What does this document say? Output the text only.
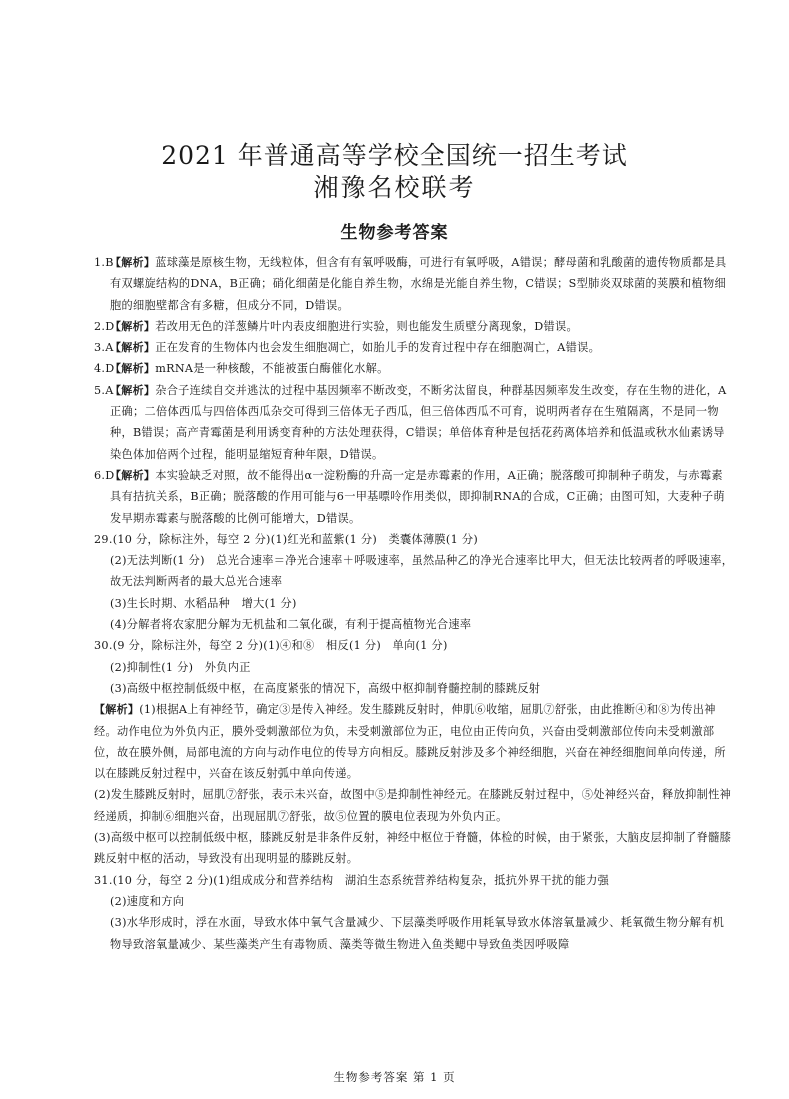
2021 年普通高等学校全国统一招生考试
湘豫名校联考
生物参考答案
1.B
【解析】蓝球藻是原核生物，无线粒体，但含有有氧呼吸酶，可进行有氧呼吸，A错误；酵母菌和乳酸菌的遗传物质都是具有双螺旋结构的DNA，B正确；硝化细菌是化能自养生物，水绵是光能自养生物，C错误；S型肺炎双球菌的荚膜和植物细胞的细胞壁都含有多糖，但成分不同，D错误。
2.D
【解析】若改用无色的洋葱鳞片叶内表皮细胞进行实验，则也能发生质壁分离现象，D错误。
3.A
【解析】正在发育的生物体内也会发生细胞凋亡，如胎儿手的发育过程中存在细胞凋亡，A错误。
4.D
【解析】mRNA是一种核酸，不能被蛋白酶催化水解。
5.A
【解析】杂合子连续自交并逃汰的过程中基因频率不断改变，不断劣汰留良，种群基因频率发生改变，存在生物的进化，A正确；二倍体西瓜与四倍体西瓜杂交可得到三倍体无子西瓜，但三倍体西瓜不可育，说明两者存在生殖隔离，不是同一物种，B错误；高产青霉菌是利用诱变育种的方法处理获得，C错误；单倍体育种是包括花药离体培养和低温或秋水仙素诱导染色体加倍两个过程，能明显缩短育种年限，D错误。
6.D
【解析】本实验缺乏对照，故不能得出α一淀粉酶的升高一定是赤霉素的作用，A正确；脱落酸可抑制种子萌发，与赤霉素具有拮抗关系，B正确；脱落酸的作用可能与6一甲基嘌呤作用类似，即抑制RNA的合成，C正确；由图可知，大麦种子萌发早期赤霉素与脱落酸的比例可能增大，D错误。
29.(10 分，除标注外，每空 2 分)(1)红光和蓝紫(1 分)　类囊体薄膜(1 分)
(2)无法判断(1 分)　总光合速率＝净光合速率＋呼吸速率，虽然品种乙的净光合速率比甲大，但无法比较两者的呼吸速率，故无法判断两者的最大总光合速率
(3)生长时期、水稻品种　增大(1 分)
(4)分解者将农家肥分解为无机盐和二氧化碳，有利于提高植物光合速率
30.(9 分，除标注外，每空 2 分)(1)④和⑧　相反(1 分)　单向(1 分)
(2)抑制性(1 分)　外负内正
(3)高级中枢控制低级中枢，在高度紧张的情况下，高级中枢抑制脊髓控制的膝跳反射
【解析】(1)根据A上有神经节，确定③是传入神经。发生膝跳反射时，伸肌⑥收缩，屈肌⑦舒张，由此推断④和⑧为传出神经。动作电位为外负内正，膜外受刺激部位为负，未受刺激部位为正，电位由正传向负，兴奋由受刺激部位传向未受刺激部位，故在膜外侧，局部电流的方向与动作电位的传导方向相反。膝跳反射涉及多个神经细胞，兴奋在神经细胞间单向传递，所以在膝跳反射过程中，兴奋在该反射弧中单向传递。
(2)发生膝跳反射时，屈肌⑦舒张，表示未兴奋，故图中⑤是抑制性神经元。在膝跳反射过程中，⑤处神经兴奋，释放抑制性神经递质，抑制⑥细胞兴奋，出现屈肌⑦舒张，故⑤位置的膜电位表现为外负内正。
(3)高级中枢可以控制低级中枢，膝跳反射是非条件反射，神经中枢位于脊髓，体检的时候，由于紧张，大脑皮层抑制了脊髓膝跳反射中枢的活动，导致没有出现明显的膝跳反射。
31.(10 分，每空 2 分)(1)组成成分和营养结构　湖泊生态系统营养结构复杂，抵抗外界干扰的能力强
(2)速度和方向
(3)水华形成时，浮在水面，导致水体中氧气含量减少、下层藻类呼吸作用耗氧导致水体溶氧量减少、耗氧微生物分解有机物导致溶氧量减少、某些藻类产生有毒物质、藻类等微生物进入鱼类鳃中导致鱼类因呼吸障
生物参考答案 第 1 页
